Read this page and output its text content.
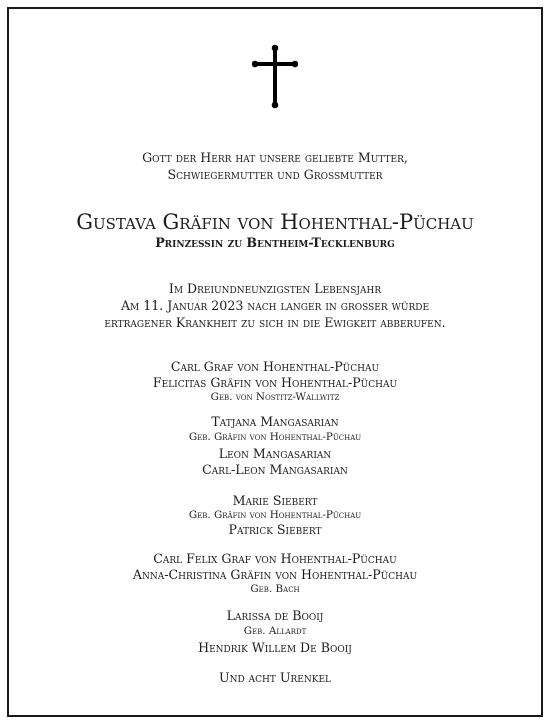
Gott der Herr hat unsere geliebte Mutter,
Schwiegermutter und Grossmutter
Gustava Gräfin von Hohenthal-Püchau
Prinzessin zu Bentheim-Tecklenburg
Im Dreiundneunzigsten Lebensjahr
Am 11. Januar 2023 nach langer in grosser würde
ertragener Krankheit zu sich in die Ewigkeit abberufen.
Carl Graf von Hohenthal-Püchau
Felicitas Gräfin von Hohenthal-Püchau
Geb. von Nostitz-Wallwitz
Tatjana Mangasarian
Geb. Gräfin von Hohenthal-Püchau
Leon Mangasarian
Carl-Leon Mangasarian
Marie Siebert
Geb. Gräfin von Hohenthal-Püchau
Patrick Siebert
Carl Felix Graf von Hohenthal-Püchau
Anna-Christina Gräfin von Hohenthal-Püchau
Geb. Bach
Larissa de Booij
Geb. Allardt
Hendrik Willem De Booij
Und acht Urenkel
